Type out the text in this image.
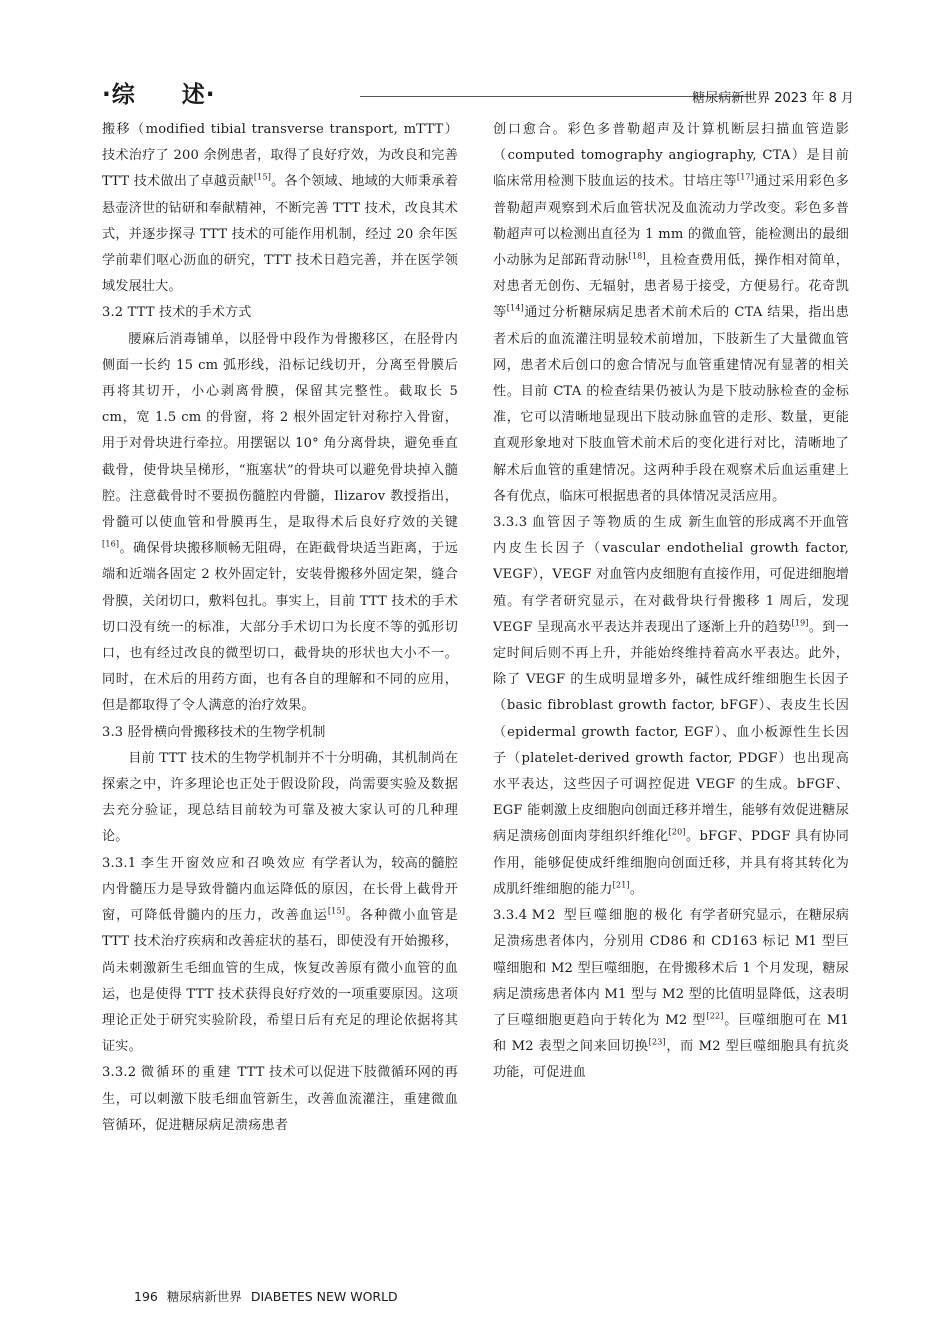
·综 述·	糖尿病新世界 2023 年 8 月

搬移（modified tibial transverse transport, mTTT）技术治疗了 200 余例患者，取得了良好疗效，为改良和完善 TTT 技术做出了卓越贡献[15]。各个领域、地域的大师秉承着悬壶济世的钻研和奉献精神，不断完善 TTT 技术，改良其术式，并逐步探寻 TTT 技术的可能作用机制，经过 20 余年医学前辈们呕心沥血的研究，TTT 技术日趋完善，并在医学领域发展壮大。

3.2 TTT 技术的手术方式

腰麻后消毒铺单，以胫骨中段作为骨搬移区，在胫骨内侧面一长约 15 cm 弧形线，沿标记线切开，分离至骨膜后再将其切开，小心剥离骨膜，保留其完整性。截取长 5 cm，宽 1.5 cm 的骨窗，将 2 根外固定针对称拧入骨窗，用于对骨块进行牵拉。用摆锯以 10° 角分离骨块，避免垂直截骨，使骨块呈梯形，“瓶塞状”的骨块可以避免骨块掉入髓腔。注意截骨时不要损伤髓腔内骨髓，Ilizarov 教授指出，骨髓可以使血管和骨膜再生，是取得术后良好疗效的关键[16]。确保骨块搬移顺畅无阻碍，在距截骨块适当距离，于远端和近端各固定 2 枚外固定针，安装骨搬移外固定架，缝合骨膜，关闭切口，敷料包扎。事实上，目前 TTT 技术的手术切口没有统一的标准，大部分手术切口为长度不等的弧形切口，也有经过改良的微型切口，截骨块的形状也大小不一。同时，在术后的用药方面，也有各自的理解和不同的应用，但是都取得了令人满意的治疗效果。

3.3 胫骨横向骨搬移技术的生物学机制

目前 TTT 技术的生物学机制并不十分明确，其机制尚在探索之中，许多理论也正处于假设阶段，尚需要实验及数据去充分验证，现总结目前较为可靠及被大家认可的几种理论。

3.3.1 李生开窗效应和召唤效应 有学者认为，较高的髓腔内骨髓压力是导致骨髓内血运降低的原因，在长骨上截骨开窗，可降低骨髓内的压力，改善血运[15]。各种微小血管是 TTT 技术治疗疾病和改善症状的基石，即使没有开始搬移，尚未刺激新生毛细血管的生成，恢复改善原有微小血管的血运，也是使得 TTT 技术获得良好疗效的一项重要原因。这项理论正处于研究实验阶段，希望日后有充足的理论依据将其证实。

3.3.2 微循环的重建 TTT 技术可以促进下肢微循环网的再生，可以刺激下肢毛细血管新生，改善血流灌注，重建微血管循环，促进糖尿病足溃疡患者

创口愈合。彩色多普勒超声及计算机断层扫描血管造影（computed tomography angiography, CTA）是目前临床常用检测下肢血运的技术。甘培庄等[17]通过采用彩色多普勒超声观察到术后血管状况及血流动力学改变。彩色多普勒超声可以检测出直径为 1 mm 的微血管，能检测出的最细小动脉为足部跖背动脉[18]，且检查费用低，操作相对简单，对患者无创伤、无辐射，患者易于接受，方便易行。花奇凯等[14]通过分析糖尿病足患者术前术后的 CTA 结果，指出患者术后的血流灌注明显较术前增加，下肢新生了大量微血管网，患者术后创口的愈合情况与血管重建情况有显著的相关性。目前 CTA 的检查结果仍被认为是下肢动脉检查的金标准，它可以清晰地显现出下肢动脉血管的走形、数量，更能直观形象地对下肢血管术前术后的变化进行对比，清晰地了解术后血管的重建情况。这两种手段在观察术后血运重建上各有优点，临床可根据患者的具体情况灵活应用。

3.3.3 血管因子等物质的生成 新生血管的形成离不开血管内皮生长因子（vascular endothelial growth factor, VEGF），VEGF 对血管内皮细胞有直接作用，可促进细胞增殖。有学者研究显示，在对截骨块行骨搬移 1 周后，发现 VEGF 呈现高水平表达并表现出了逐渐上升的趋势[19]。到一定时间后则不再上升，并能始终维持着高水平表达。此外，除了 VEGF 的生成明显增多外，碱性成纤维细胞生长因子（basic fibroblast growth factor, bFGF）、表皮生长因（epidermal growth factor, EGF）、血小板源性生长因子（platelet-derived growth factor, PDGF）也出现高水平表达，这些因子可调控促进 VEGF 的生成。bFGF、EGF 能刺激上皮细胞向创面迁移并增生，能够有效促进糖尿病足溃疡创面肉芽组织纤维化[20]。bFGF、PDGF 具有协同作用，能够促使成纤维细胞向创面迁移，并具有将其转化为成肌纤维细胞的能力[21]。

3.3.4 M2 型巨噬细胞的极化 有学者研究显示，在糖尿病足溃疡患者体内，分别用 CD86 和 CD163 标记 M1 型巨噬细胞和 M2 型巨噬细胞，在骨搬移术后 1 个月发现，糖尿病足溃疡患者体内 M1 型与 M2 型的比值明显降低，这表明了巨噬细胞更趋向于转化为 M2 型[22]。巨噬细胞可在 M1 和 M2 表型之间来回切换[23]，而 M2 型巨噬细胞具有抗炎功能，可促进血

196 糖尿病新世界 DIABETES NEW WORLD
